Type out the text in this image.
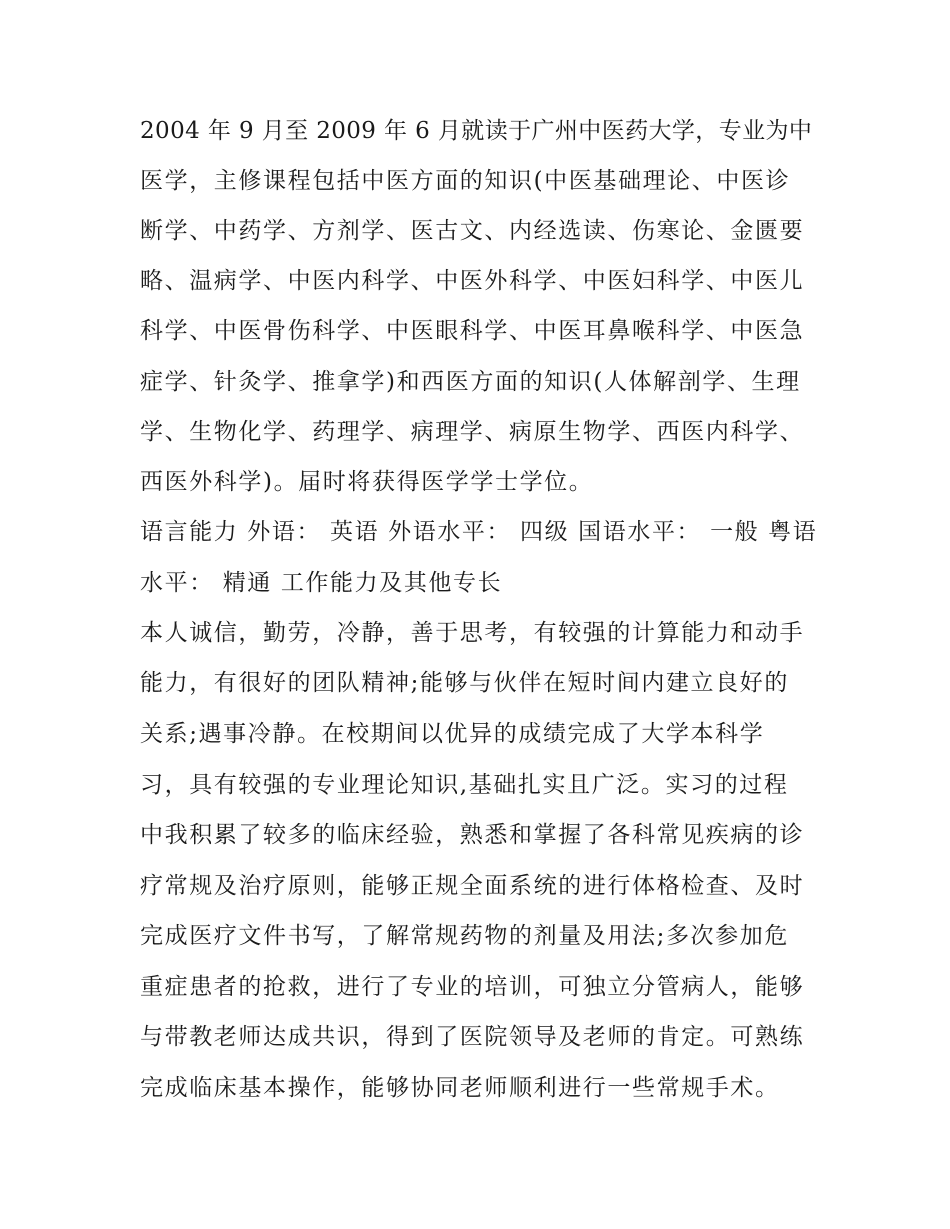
2004 年 9 月至 2009 年 6 月就读于广州中医药大学，专业为中
医学，主修课程包括中医方面的知识(中医基础理论、中医诊
断学、中药学、方剂学、医古文、内经选读、伤寒论、金匮要
略、温病学、中医内科学、中医外科学、中医妇科学、中医儿
科学、中医骨伤科学、中医眼科学、中医耳鼻喉科学、中医急
症学、针灸学、推拿学)和西医方面的知识(人体解剖学、生理
学、生物化学、药理学、病理学、病原生物学、西医内科学、
西医外科学)。届时将获得医学学士学位。
语言能力 外语： 英语 外语水平： 四级 国语水平： 一般 粤语
水平： 精通 工作能力及其他专长
本人诚信，勤劳，冷静，善于思考，有较强的计算能力和动手
能力，有很好的团队精神;能够与伙伴在短时间内建立良好的
关系;遇事冷静。在校期间以优异的成绩完成了大学本科学
习，具有较强的专业理论知识,基础扎实且广泛。实习的过程
中我积累了较多的临床经验，熟悉和掌握了各科常见疾病的诊
疗常规及治疗原则，能够正规全面系统的进行体格检查、及时
完成医疗文件书写，了解常规药物的剂量及用法;多次参加危
重症患者的抢救，进行了专业的培训，可独立分管病人，能够
与带教老师达成共识，得到了医院领导及老师的肯定。可熟练
完成临床基本操作，能够协同老师顺利进行一些常规手术。
